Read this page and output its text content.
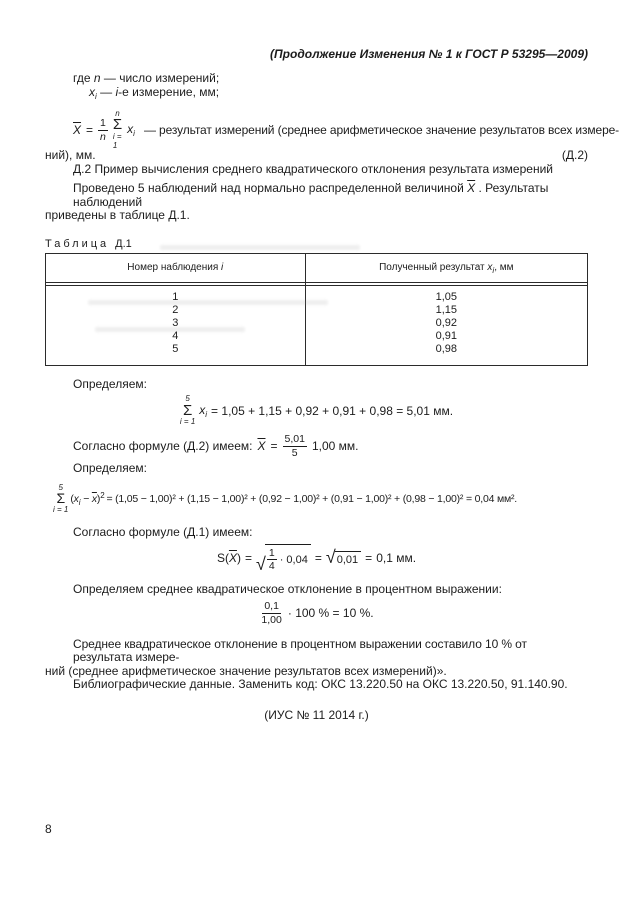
(Продолжение Изменения № 1 к ГОСТ Р 53295—2009)
где n — число измерений;
$x_i$ — i-е измерение, мм;
$\overline{X} = \frac{1}{n}$
n
Σ
i = 1
$x_i$ — результат измерений (среднее арифметическое значение результатов всех измере-
ний), мм.	(Д.2)
Д.2 Пример вычисления среднего квадратического отклонения результата измерений
Проведено 5 наблюдений над нормально распределенной величиной $\overline{X}$ . Результаты наблюдений
приведены в таблице Д.1.
Таблица Д.1
Номер наблюдения i	Полученный результат $x_i$, мм
1
2
3
4
5
1,05
1,15
0,92
0,91
0,98
Определяем:
5
Σ
i = 1
$x_i = 1,05 + 1,15 + 0,92 + 0,91 + 0,98 = 5,01$ мм.
Согласно формуле (Д.2) имеем: $\overline{X} = \frac{5,01}{5} 1,00$ мм.
Определяем:
5
Σ
i = 1
$(x_i - \overline{x})^2 = (1,05 - 1,00)^2 + (1,15 - 1,00)^2 + (0,92 - 1,00)^2 + (0,91 - 1,00)^2 + (0,98 - 1,00)^2 = 0,04$ мм².
Согласно формуле (Д.1) имеем:
$S(\overline{X})$ = √ $\frac{1}{4} \cdot 0,04$ = √ 0,01 = 0,1 мм.
Определяем среднее квадратическое отклонение в процентном выражении:
$\frac{0,1}{1,00} \cdot 100$ % = 10 %.
Среднее квадратическое отклонение в процентном выражении составило 10 % от результата измере-
ний (среднее арифметическое значение результатов всех измерений)».
Библиографические данные. Заменить код: ОКС 13.220.50 на ОКС 13.220.50, 91.140.90.
(ИУС № 11 2014 г.)
8
